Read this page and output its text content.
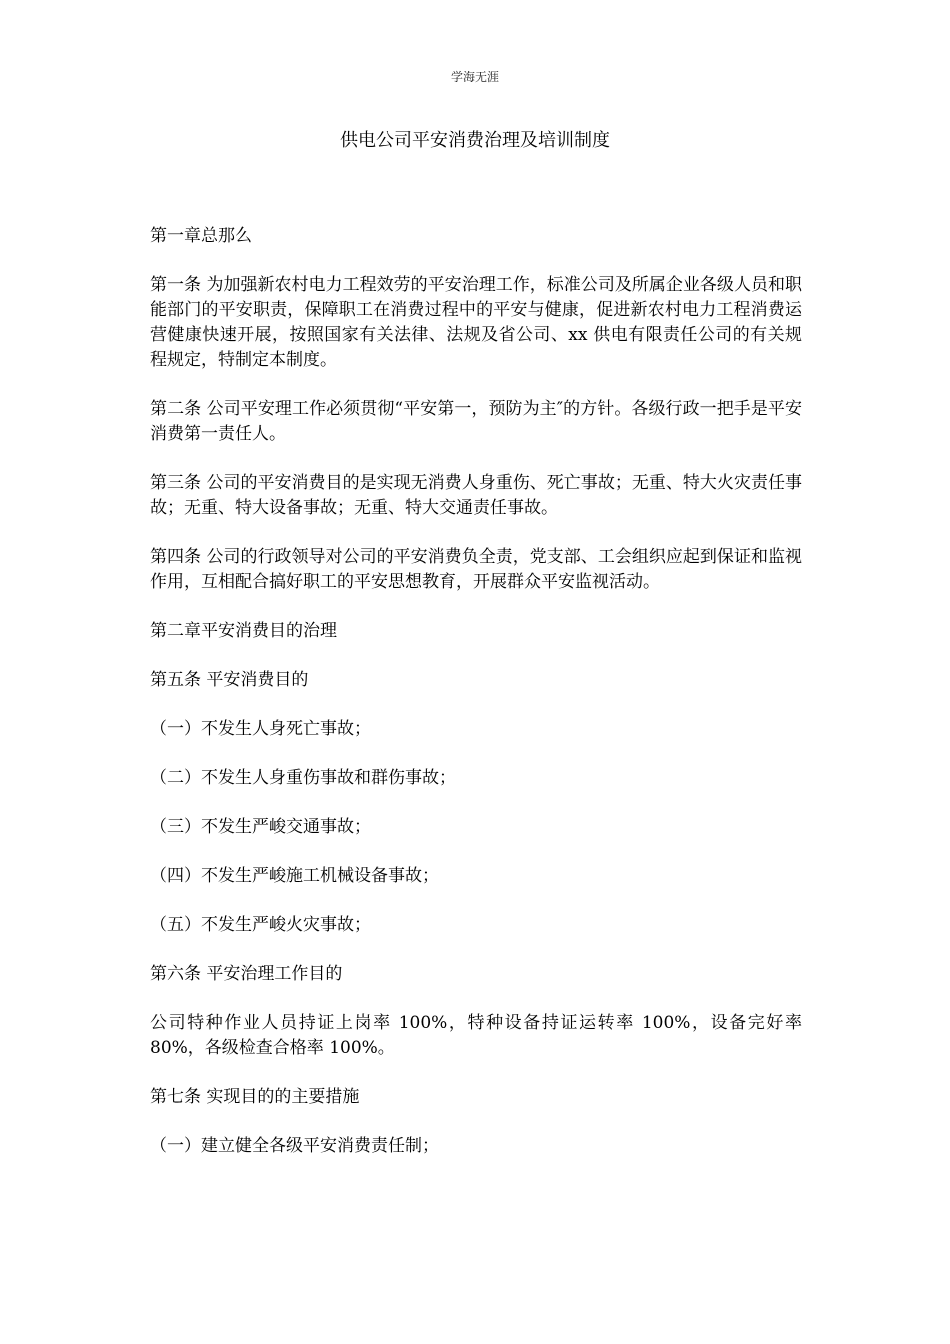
学海无涯
供电公司平安消费治理及培训制度

第一章总那么

第一条 为加强新农村电力工程效劳的平安治理工作，标准公司及所属企业各级人员和职能部门的平安职责，保障职工在消费过程中的平安与健康，促进新农村电力工程消费运营健康快速开展，按照国家有关法律、法规及省公司、xx 供电有限责任公司的有关规程规定，特制定本制度。

第二条 公司平安理工作必须贯彻“平安第一，预防为主″的方针。各级行政一把手是平安消费第一责任人。

第三条 公司的平安消费目的是实现无消费人身重伤、死亡事故；无重、特大火灾责任事故；无重、特大设备事故；无重、特大交通责任事故。

第四条 公司的行政领导对公司的平安消费负全责，党支部、工会组织应起到保证和监视作用，互相配合搞好职工的平安思想教育，开展群众平安监视活动。

第二章平安消费目的治理

第五条 平安消费目的

（一）不发生人身死亡事故；

（二）不发生人身重伤事故和群伤事故；

（三）不发生严峻交通事故；

（四）不发生严峻施工机械设备事故；

（五）不发生严峻火灾事故；

第六条 平安治理工作目的

公司特种作业人员持证上岗率 100%，特种设备持证运转率 100%，设备完好率 80%，各级检查合格率 100%。

第七条 实现目的的主要措施

（一）建立健全各级平安消费责任制；
